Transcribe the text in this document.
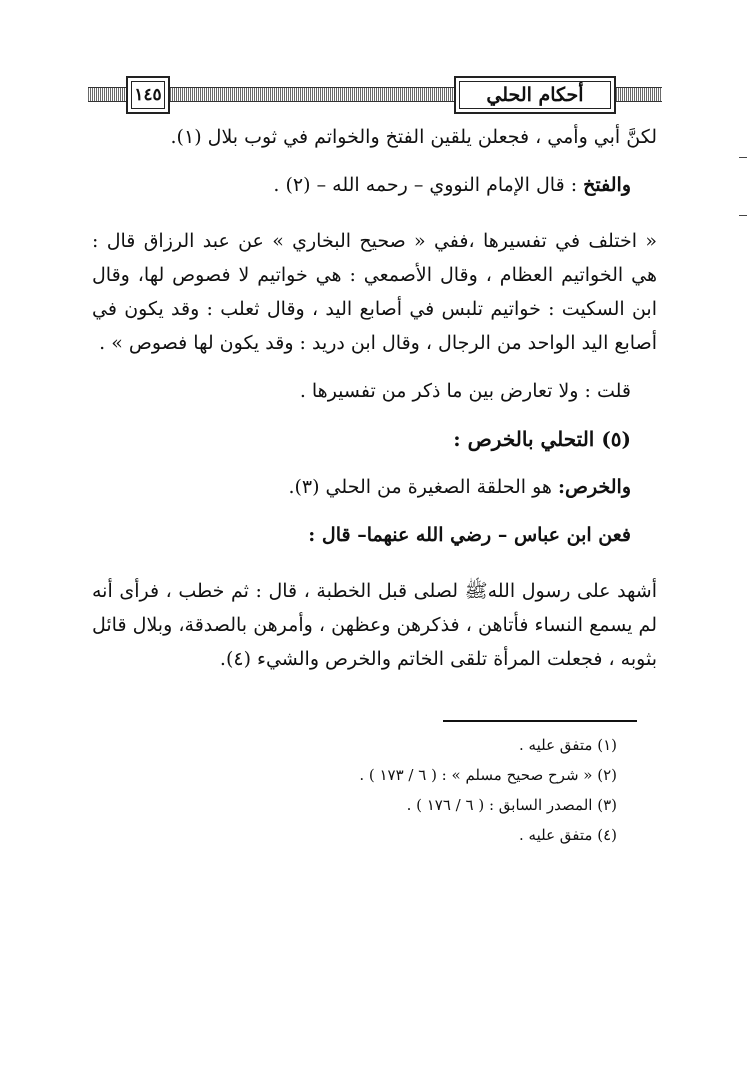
١٤٥	أحكام الحلي

لكنَّ أبي وأمي ، فجعلن يلقين الفتخ والخواتم في ثوب بلال (١).

والفتخ : قال الإمام النووي – رحمه الله – (٢) .

« اختلف في تفسيرها ،ففي « صحيح البخاري » عن عبد الرزاق قال : هي الخواتيم العظام ، وقال الأصمعي : هي خواتيم لا فصوص لها، وقال ابن السكيت : خواتيم تلبس في أصابع اليد ، وقال ثعلب : وقد يكون في أصابع اليد الواحد من الرجال ، وقال ابن دريد : وقد يكون لها فصوص » .

قلت : ولا تعارض بين ما ذكر من تفسيرها .

(٥) التحلي بالخرص :

والخرص: هو الحلقة الصغيرة من الحلي (٣).

فعن ابن عباس – رضي الله عنهما– قال :

أشهد على رسول اللهﷺ لصلى قبل الخطبة ، قال : ثم خطب ، فرأى أنه لم يسمع النساء فأتاهن ، فذكرهن وعظهن ، وأمرهن بالصدقة، وبلال قائل بثوبه ، فجعلت المرأة تلقى الخاتم والخرص والشيء (٤).

(١) متفق عليه .

(٢) « شرح صحيح مسلم » : ( ٦ / ١٧٣ ) .

(٣) المصدر السابق : ( ٦ / ١٧٦ ) .

(٤) متفق عليه .
